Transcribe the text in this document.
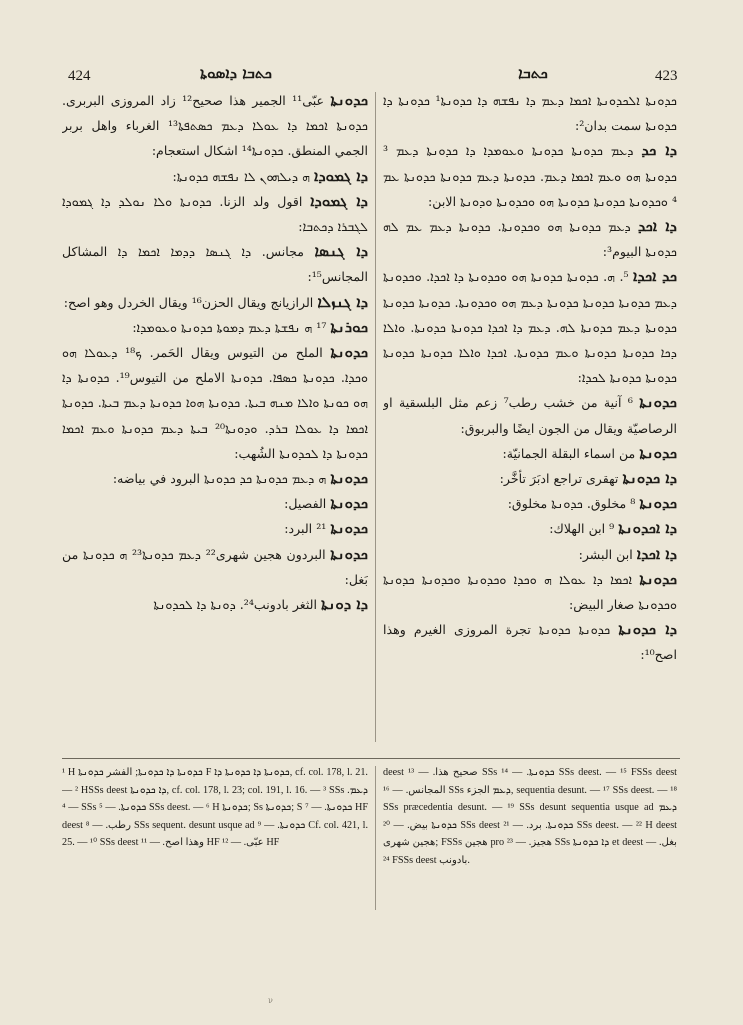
424	ܟܬܒܐ ܕܐܣܘܬܐ	ܟܬܒܐ	423

ܟܕܘܢܬܐ عبّى¹¹ الجمير هذا صحيح¹² زاد المروزی البربری. ܟܕܘܢܬܐ ܐܟܡܐ ܕܐ ܥܘܠܐ ܕܥܡ ܟܣܬܦܬܐ¹³ الغرباء واهل بربر الجمي المنطق. ܟܕܘܢܬܐ¹⁴ اشكال استعجام:

ܕܐ ܓܡܘܕܐ ܗ ܕܝܠܗܘܢ ܠܐ ܢܦܫܗ ܟܕܘܢܬܐ:

ܕܐ ܓܡܘܕܐ اقول ولد الزنا. ܟܕܘܢܬܐ ܘܠܐ ܢܘܠܕ ܕܐ ܓܡܘܕܐ ܠܓܒܪܐ ܕܟܬܒܐ:

ܕܐ ܓܢܣܐ مجانس. ܕܐ ܓܢܣܐ ܕܕܡܐ ܐܟܡܐ ܕܐ المشاكل المجانس¹⁵:

ܕܐ ܓܢܙܠܐ الرازيانج ويقال الحزن¹⁶ ويقال الخردل وهو اصح:

ܟܘܪܢܬܐ ¹⁷ ܗ ܢܦܫܬܐ ܕܥܡ ܕܡܘܬܐ ܟܕܘܢܬܐ ܘܥܘܡܕܐ:

ܟܕܘܢܬܐ الملح من التيوس ويقال الحَمر. ܟ¹⁸ ܕܥܘܠܐ ܗܘ ܘܟܕܐ. ܟܕܘܢܬܐ ܟܣܦܐ. ܟܕܘܢܬܐ الاملح من التيوس¹⁹. ܟܕܘܢܬܐ ܕܐ ܗܘ ܟܘܢܬܐ ܘܐܠܐ ܡܢܗ ܒܝܬܐ. ܟܕܘܢܬܐ ܗܘܐ ܟܕܘܢܬܐ ܕܥܡ ܒܝܬܐ. ܟܕܘܢܬܐ ܐܟܡܐ ܕܐ ܥܘܠܐ ܒܪܕ. ܘܕܘܢܬܐ²⁰ ܒܝܬܐ ܕܥܡ ܟܕܘܢܬܐ ܘܥܡ ܐܟܡܐ ܟܕܘܢܬܐ ܕܐ ܠܟܕܘܢܬܐ الشُهب:

ܟܕܘܢܬܐ ܗ ܕܥܡ ܟܕܘܢܬܐ ܟܕ ܟܕܘܢܬܐ البرود في بياضه:

ܟܕܘܢܬܐ الفصيل:

ܟܕܘܢܬܐ ²¹ البرد:

ܟܕܘܢܬܐ البردون هجين شهری²² ܕܥܡ ܟܕܘܢܬܐ²³ ܗ ܟܕܘܢܬܐ من بَغل:

ܕܐ ܕܘܢܬܐ الثغر بادونب²⁴. ܕܘܢܬܐ ܕܐ ܠܟܕܘܢܬܐ

ܟܕܘܢܬܐ ܐܠܟܕܘܢܬܐ ܐܟܡܐ ܕܥܡ ܕܐ ܢܦܫܗ ܕܐ ܟܕܘܢܬܐ¹ ܟܕܘܢܬܐ ܕܐ ܟܕܘܢܬܐ سمت بدان²:

ܕܐ ܟܕ ܕܥܡ ܟܕܘܢܬܐ ܟܕܘܢܬܐ ܘܥܘܡܕܐ ܕܐ ܟܕܘܢܬܐ ܕܥܡ ³ ܟܕܘܢܬܐ ܗܘ ܘܥܡ ܐܟܡܐ ܕܥܡ. ܟܕܘܢܬܐ ܕܥܡ ܟܕܘܢܬܐ ܟܕܘܢܬܐ ܥܡ ⁴ ܘܟܕܘܢܬܐ ܟܕܘܢܬܐ ܟܕܘܢܬܐ ܗܘ ܘܟܕܘܢܬܐ ܘܕܘܢܬܐ الابن:

ܕܐ ܐܟܕ ܕܥܡ ܟܕܘܢܬܐ ܗܘ ܘܟܕܘܢܬܐ. ܟܕܘܢܬܐ ܕܥܡ ܥܡ ܠܗ ܟܕܘܢܬܐ البيوم³:

ܟܕ ܐܟܕܐ ⁵. ܗ. ܟܕܘܢܬܐ ܟܕܘܢܬܐ ܗܘ ܘܟܕܘܢܬܐ ܕܐ ܐܟܕܐ. ܘܟܕܘܢܬܐ ܕܥܡ ܟܕܘܢܬܐ ܟܕܘܢܬܐ ܟܕܘܢܬܐ ܕܥܡ ܗܘ ܘܟܕܘܢܬܐ. ܟܕܘܢܬܐ ܟܕܘܢܬܐ ܟܕܘܢܬܐ ܕܥܡ ܟܕܘܢܬܐ ܠܗ. ܕܥܡ ܕܐ ܐܟܕܐ ܟܕܘܢܬܐ ܟܕܘܢܬܐ. ܘܐܠܐ ܕܟܐ ܟܕܘܢܬܐ ܟܕܘܢܬܐ ܘܥܡ ܟܕܘܢܬܐ. ܐܟܕܐ ܘܐܠܐ ܟܕܘܢܬܐ ܟܕܘܢܬܐ ܟܕܘܢܬܐ ܟܕܘܢܬܐ ܠܟܕܐ:

ܟܕܘܢܬܐ ⁶ آنية من خشب رطب⁷ زعم مثل البلسقية او الرصاصيّة ويقال من الجون ايضًا والبربوق:

ܟܕܘܢܬܐ من اسماء البقلة الجمانيّة:

ܕܐ ܟܕܘܢܬܐ تهقرى تراجع ادبَرَ تأخَّر:

ܟܕܘܢܬܐ ⁸ مخلوق. ܟܕܘܢܬܐ مخلوق:

ܕܐ ܐܟܕܘܢܬܐ ⁹ ابن الهلاك:

ܕܐ ܐܟܕܐ ابن البشر:

ܟܕܘܢܬܐ ܐܟܡܐ ܕܐ ܥܘܠܐ ܗ ܘܟܕܐ ܘܟܕܘܢܬܐ ܘܟܕܘܢܬܐ ܟܕܘܢܬܐ ܘܟܕܘܢܬܐ صغار البيض:

ܕܐ ܟܕܘܢܬܐ ܟܕܘܢܬܐ ܟܕܘܢܬܐ تجرة المروزى الغيرم وهذا اصح¹⁰:

¹ H ܟܕܘܢܬܐ ܕܐ ܟܕܘܢܬܐ; الفشر ܟܕܘܢܬܐ F ܟܕܘܢܬܐ ܕܐ ܟܕܘܢܬܐ ܕܐ, cf. col. 178, l. 21. — ² HSSs deest ܕܐ ܟܕܘܢܬܐ, cf. col. 178, l. 23; col. 191, l. 16. — ³ SSs ܕܥܡ. — ⁴ SSs ܟܕܘܢܬܐ. — ⁵ SSs deest. — ⁶ H ܟܕܘܢܬܐ; Ss ܟܕܘܢܬܐ; S ܟܕܘܢܬܐ. — ⁷ HF deest رطب. — ⁸ SSs sequent. desunt usque ad ܟܕܘܢܬܐ. — ⁹ Cf. col. 421, l. 25. — ¹⁰ SSs deest وهذا اصح. — ¹¹ HF عبّى. — ¹² HF
deest صحيح هذا. — ¹³ SSs ܟܕܘܢܬܐ. — ¹⁴ SSs deest. — ¹⁵ FSSs deest المجانس. — ¹⁶ SSs ܕܥܡ الجزء, sequentia desunt. — ¹⁷ SSs deest. — ¹⁸ SSs præcedentia desunt. — ¹⁹ SSs desunt sequentia usque ad ܕܥܡ ܟܕܘܢܬܐ بيض. — ²⁰ SSs deest ܟܕܘܢܬܐ. برد. — ²¹ SSs deest. — ²² H deest هجين شهرى; FSSs هجين pro هجيز. — ²³ SSs ܕܐ ܟܕܘܢܬܐ et deest بغل. — ²⁴ FSSs deest بادونب.
ν
